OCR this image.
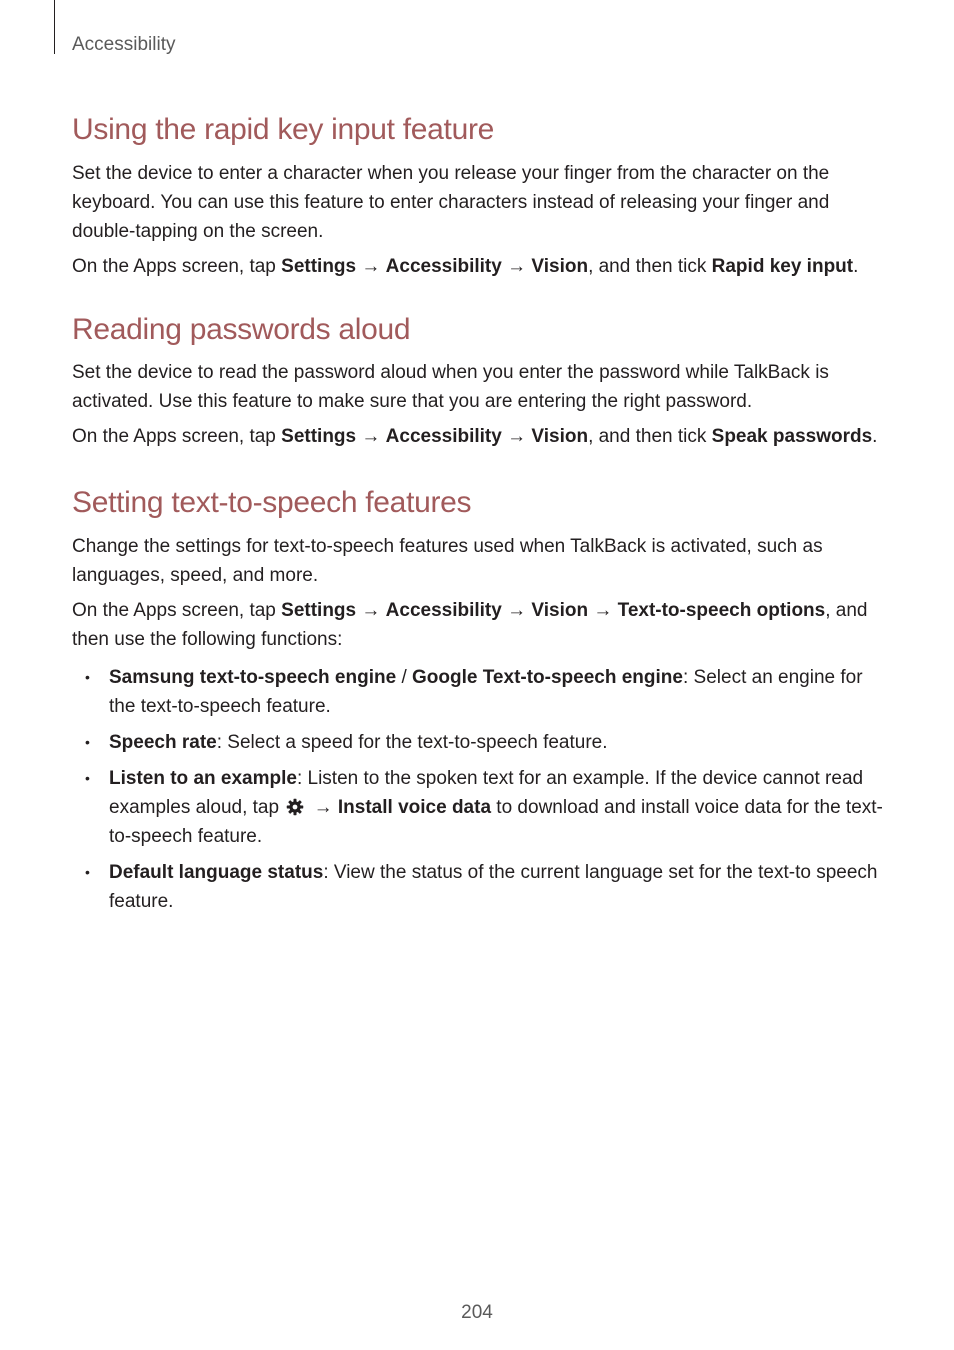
Accessibility
Using the rapid key input feature

Set the device to enter a character when you release your finger from the character on the keyboard. You can use this feature to enter characters instead of releasing your finger and double-tapping on the screen.

On the Apps screen, tap Settings → Accessibility → Vision, and then tick Rapid key input.

Reading passwords aloud

Set the device to read the password aloud when you enter the password while TalkBack is activated. Use this feature to make sure that you are entering the right password.

On the Apps screen, tap Settings → Accessibility → Vision, and then tick Speak passwords.

Setting text-to-speech features

Change the settings for text-to-speech features used when TalkBack is activated, such as languages, speed, and more.

On the Apps screen, tap Settings → Accessibility → Vision → Text-to-speech options, and then use the following functions:

• Samsung text-to-speech engine / Google Text-to-speech engine: Select an engine for the text-to-speech feature.
• Speech rate: Select a speed for the text-to-speech feature.
• Listen to an example: Listen to the spoken text for an example. If the device cannot read examples aloud, tap  → Install voice data to download and install voice data for the text-to-speech feature.
• Default language status: View the status of the current language set for the text-to speech feature.
204
